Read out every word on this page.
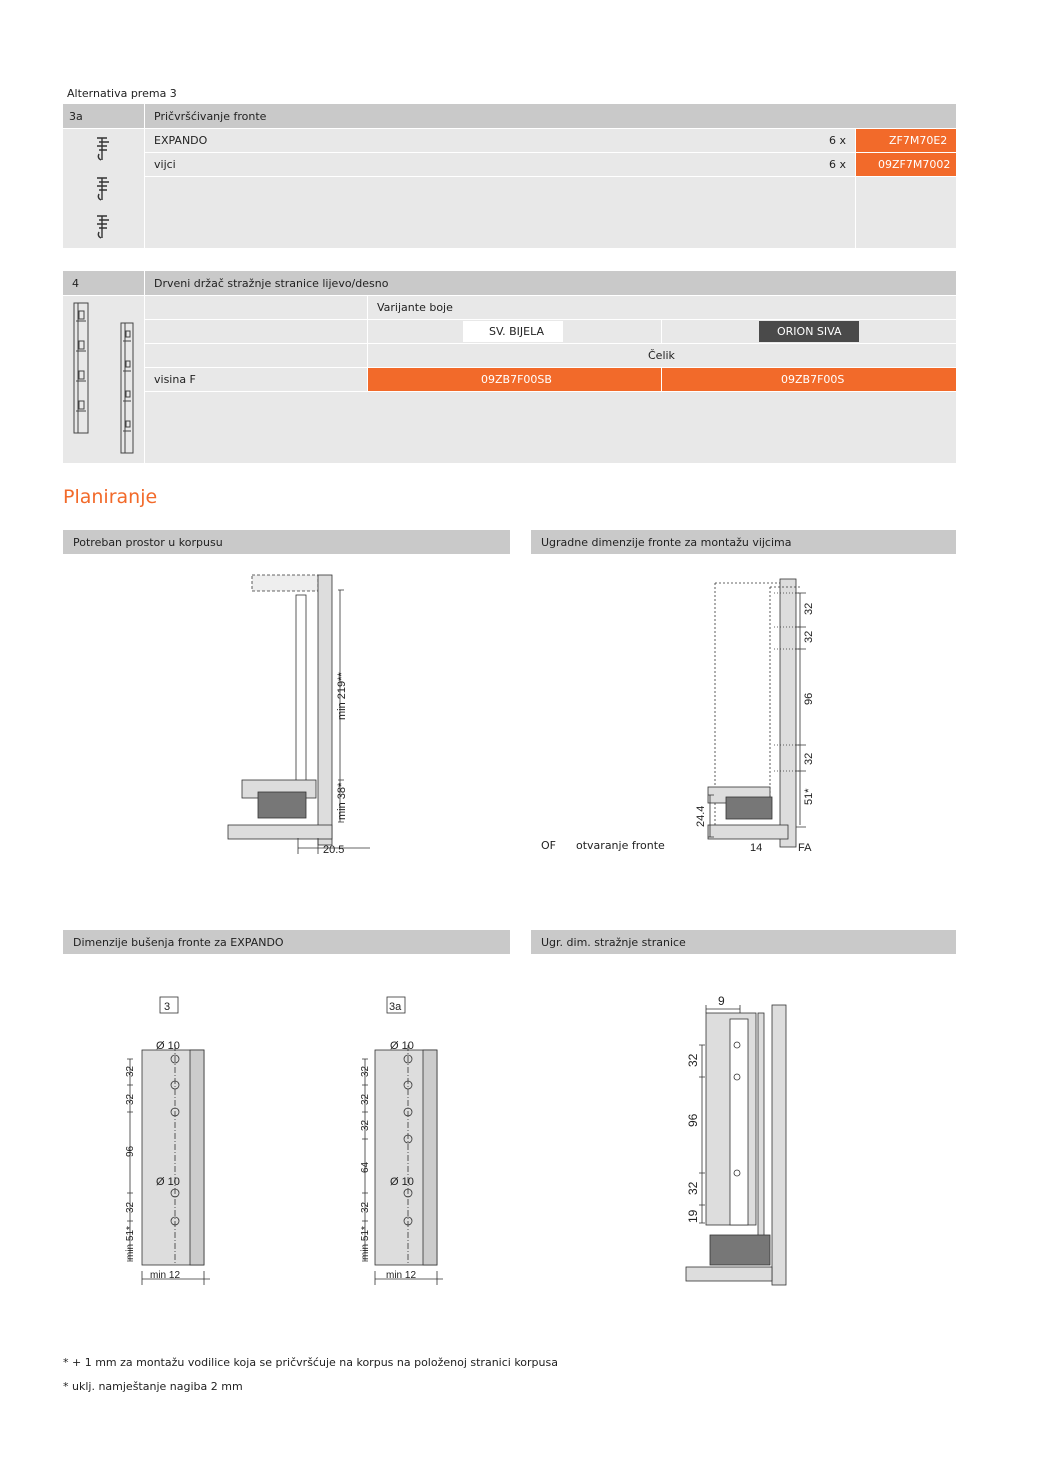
Alternativa prema 3
3a	Pričvršćivanje fronte
EXPANDO	6 x	ZF7M70E2
vijci	6 x	09ZF7M7002
4	Drveni držač stražnje stranice lijevo/desno
Varijante boje
SV. BIJELA	ORION SIVA
Čelik
visina F	09ZB7F00SB	09ZB7F00S
Planiranje
Potreban prostor u korpusu	Ugradne dimenzije fronte za montažu vijcima
Dimenzije bušenja fronte za EXPANDO	Ugr. dim. stražnje stranice
min 219**
min 38*
20.5
32
32
96
32
51*
24.4
14	FA
OF otvaranje fronte
3	3a
Ø 10
Ø 10
Ø 10
Ø 10
32
32
96
32
min 51*
32
32
32
64
32
min 51*
min 12	min 12
9
32
96
32
19
* + 1 mm za montažu vodilice koja se pričvršćuje na korpus na položenoj stranici korpusa
* uklj. namještanje nagiba 2 mm
